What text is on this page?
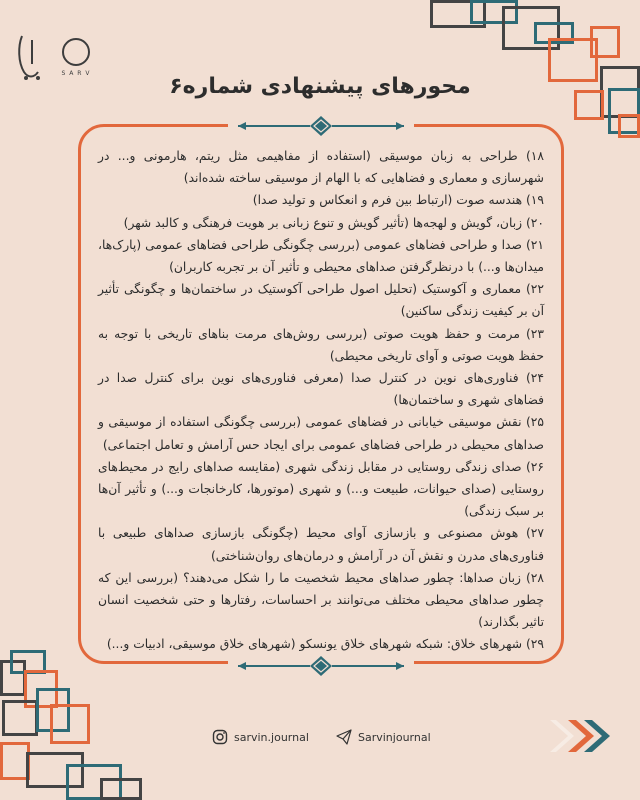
S A R V
محورهای پیشنهادی شماره۶

۱۸) طراحی به زبان موسیقی (استفاده از مفاهیمی مثل ریتم، هارمونی و... در شهرسازی و معماری و فضاهایی که با الهام از موسیقی ساخته شده‌اند)

۱۹) هندسه صوت (ارتباط بین فرم و انعکاس و تولید صدا)

۲۰) زبان، گویش و لهجه‌ها (تأثیر گویش و تنوع زبانی بر هویت فرهنگی و کالبد شهر)

۲۱) صدا و طراحی فضاهای عمومی (بررسی چگونگی طراحی فضاهای عمومی (پارک‌ها، میدان‌ها و...) با درنظرگرفتن صداهای محیطی و تأثیر آن بر تجربه کاربران)

۲۲) معماری و آکوستیک (تحلیل اصول طراحی آکوستیک در ساختمان‌ها و چگونگی تأثیر آن بر کیفیت زندگی ساکنین)

۲۳) مرمت و حفظ هویت صوتی (بررسی روش‌های مرمت بناهای تاریخی با توجه به حفظ هویت صوتی و آوای تاریخی محیطی)

۲۴) فناوری‌های نوین در کنترل صدا (معرفی فناوری‌های نوین برای کنترل صدا در فضاهای شهری و ساختمان‌ها)

۲۵) نقش موسیقی خیابانی در فضاهای عمومی (بررسی چگونگی استفاده از موسیقی و صداهای محیطی در طراحی فضاهای عمومی برای ایجاد حس آرامش و تعامل اجتماعی)

۲۶) صدای زندگی روستایی در مقابل زندگی شهری (مقایسه صداهای رایج در محیط‌های روستایی (صدای حیوانات، طبیعت و...) و شهری (موتورها، کارخانجات و...) و تأثیر آن‌ها بر سبک زندگی)

۲۷) هوش مصنوعی و بازسازی آوای محیط (چگونگی بازسازی صداهای طبیعی با فناوری‌های مدرن و نقش آن در آرامش و درمان‌های روان‌شناختی)

۲۸) زبان صداها: چطور صداهای محیط شخصیت ما را شکل می‌دهند؟ (بررسی این که چطور صداهای محیطی مختلف می‌توانند بر احساسات، رفتارها و حتی شخصیت انسان تاثیر بگذارند)

۲۹) شهرهای خلاق: شبکه شهرهای خلاق یونسکو (شهرهای خلاق موسیقی، ادبیات و...)

sarvin.journal	Sarvinjournal
